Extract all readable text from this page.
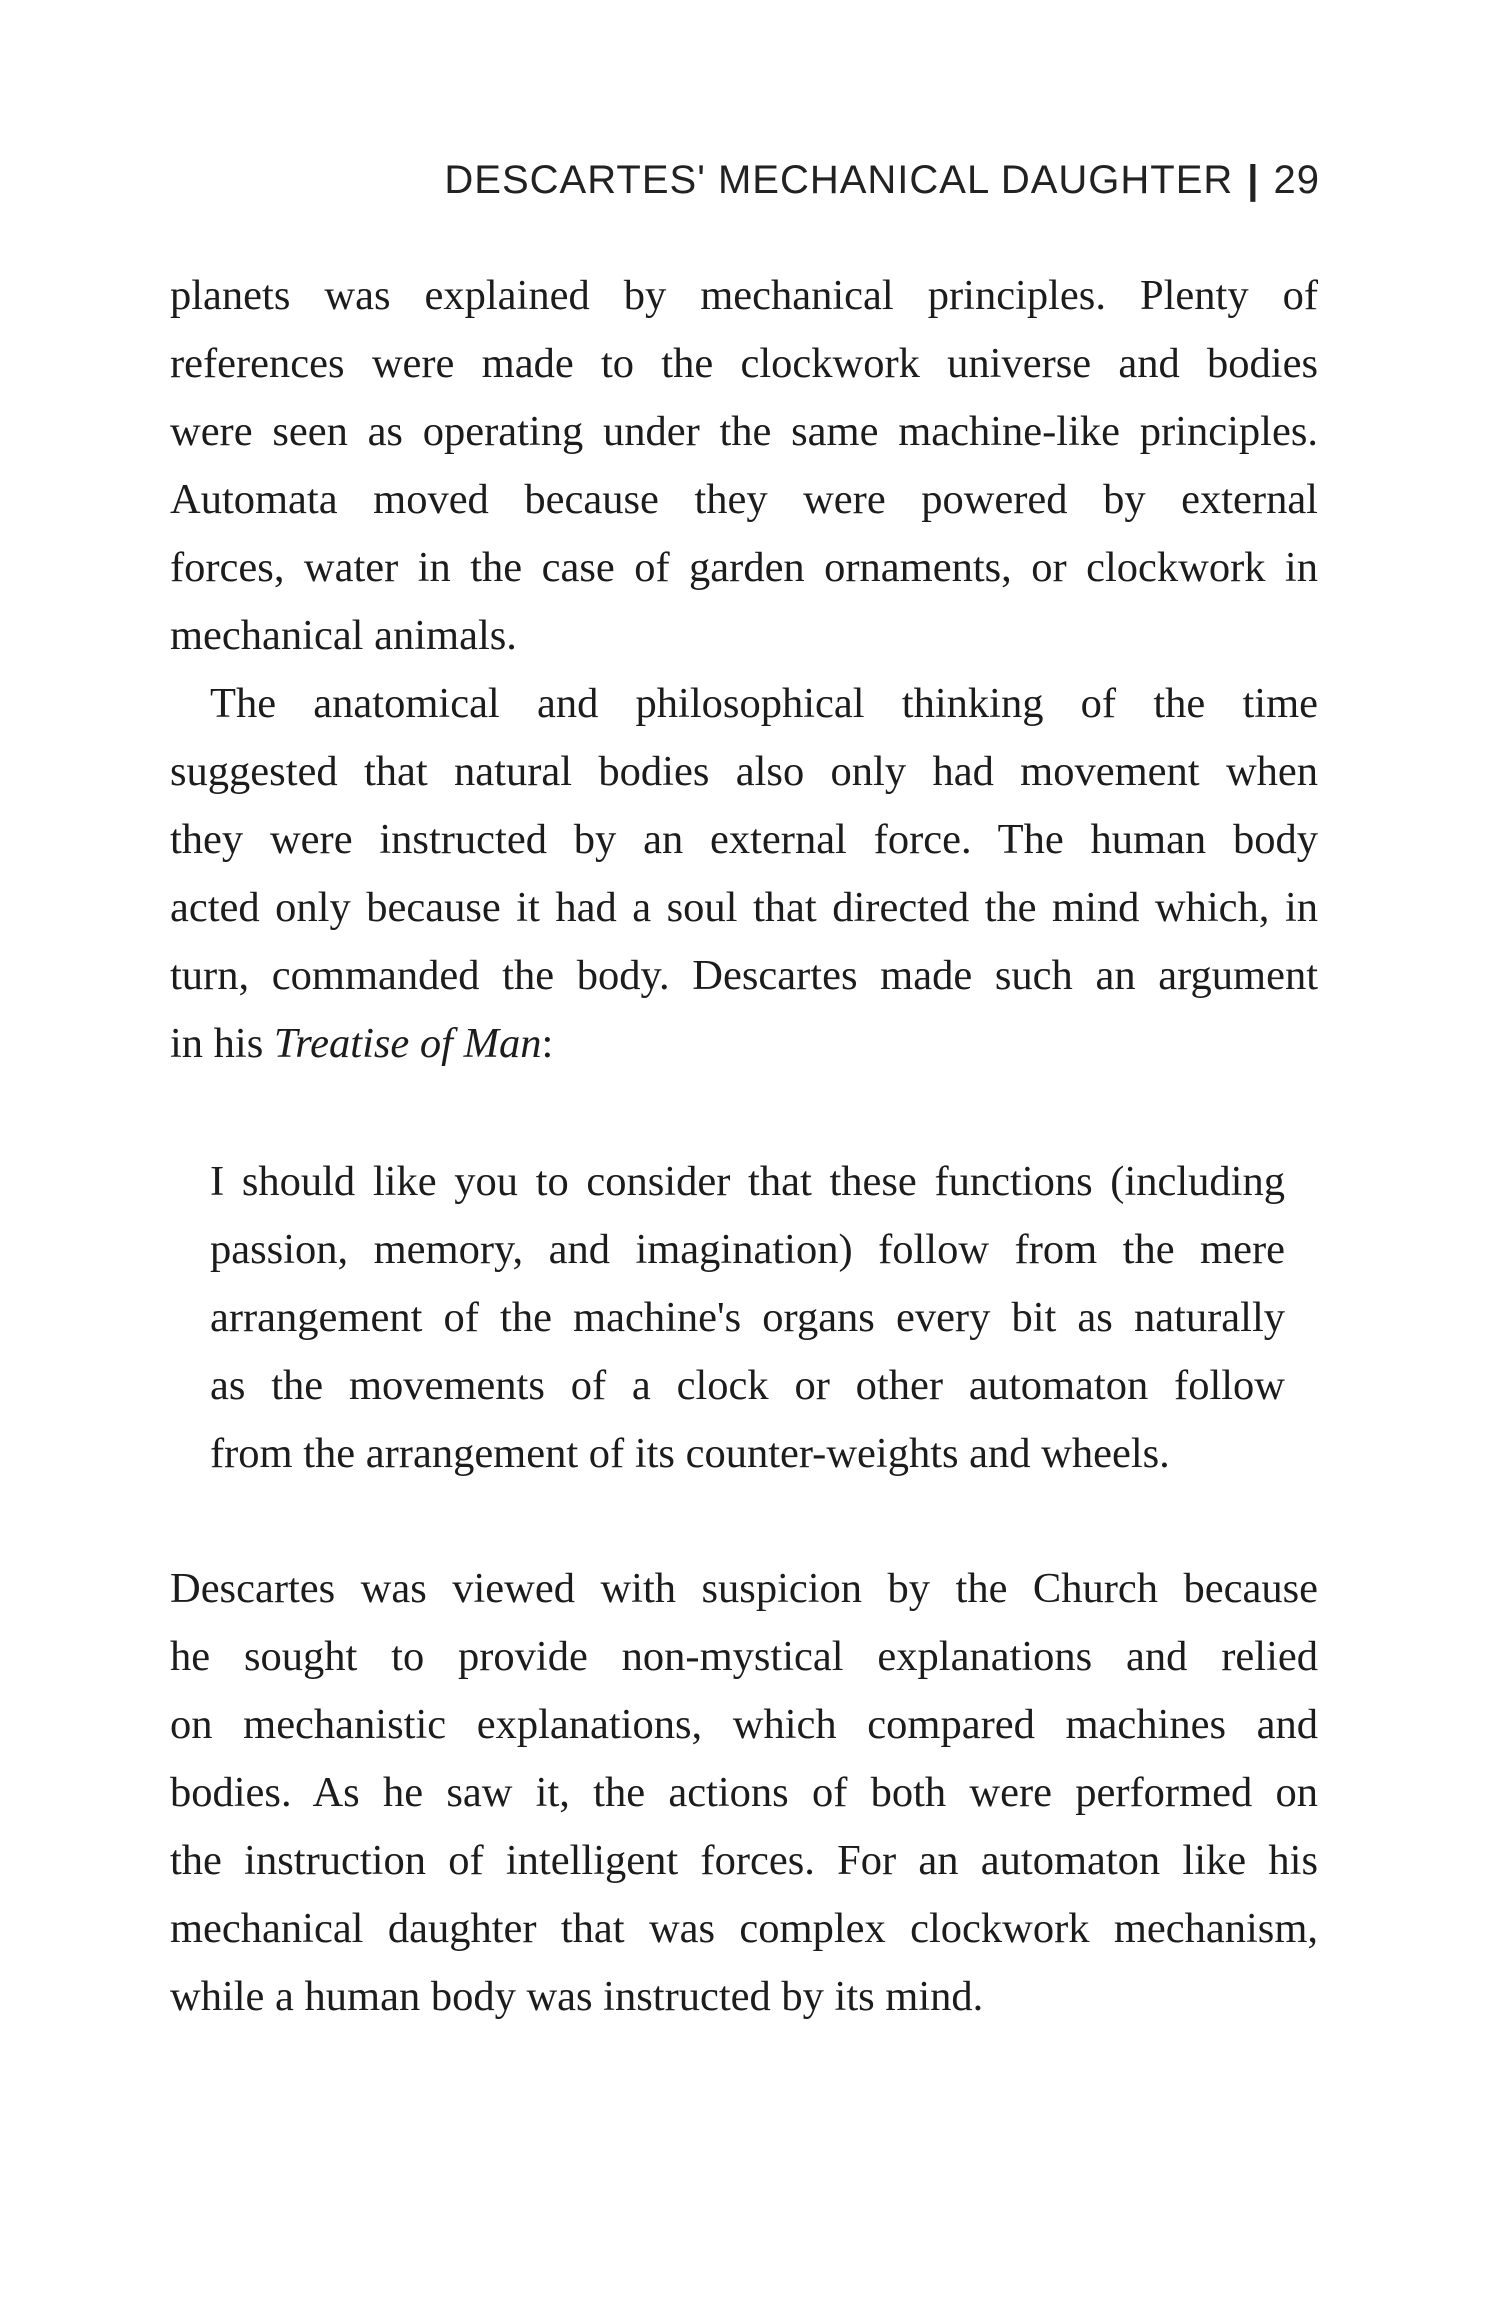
DESCARTES' MECHANICAL DAUGHTER | 29

planets was explained by mechanical principles. Plenty of
references were made to the clockwork universe and bodies
were seen as operating under the same machine-like principles.
Automata moved because they were powered by external
forces, water in the case of garden ornaments, or clockwork in
mechanical animals.

The anatomical and philosophical thinking of the time
suggested that natural bodies also only had movement when
they were instructed by an external force. The human body
acted only because it had a soul that directed the mind which, in
turn, commanded the body. Descartes made such an argument
in his Treatise of Man:

I should like you to consider that these functions (including
passion, memory, and imagination) follow from the mere
arrangement of the machine's organs every bit as naturally
as the movements of a clock or other automaton follow
from the arrangement of its counter-weights and wheels.

Descartes was viewed with suspicion by the Church because
he sought to provide non-mystical explanations and relied
on mechanistic explanations, which compared machines and
bodies. As he saw it, the actions of both were performed on
the instruction of intelligent forces. For an automaton like his
mechanical daughter that was complex clockwork mechanism,
while a human body was instructed by its mind.
